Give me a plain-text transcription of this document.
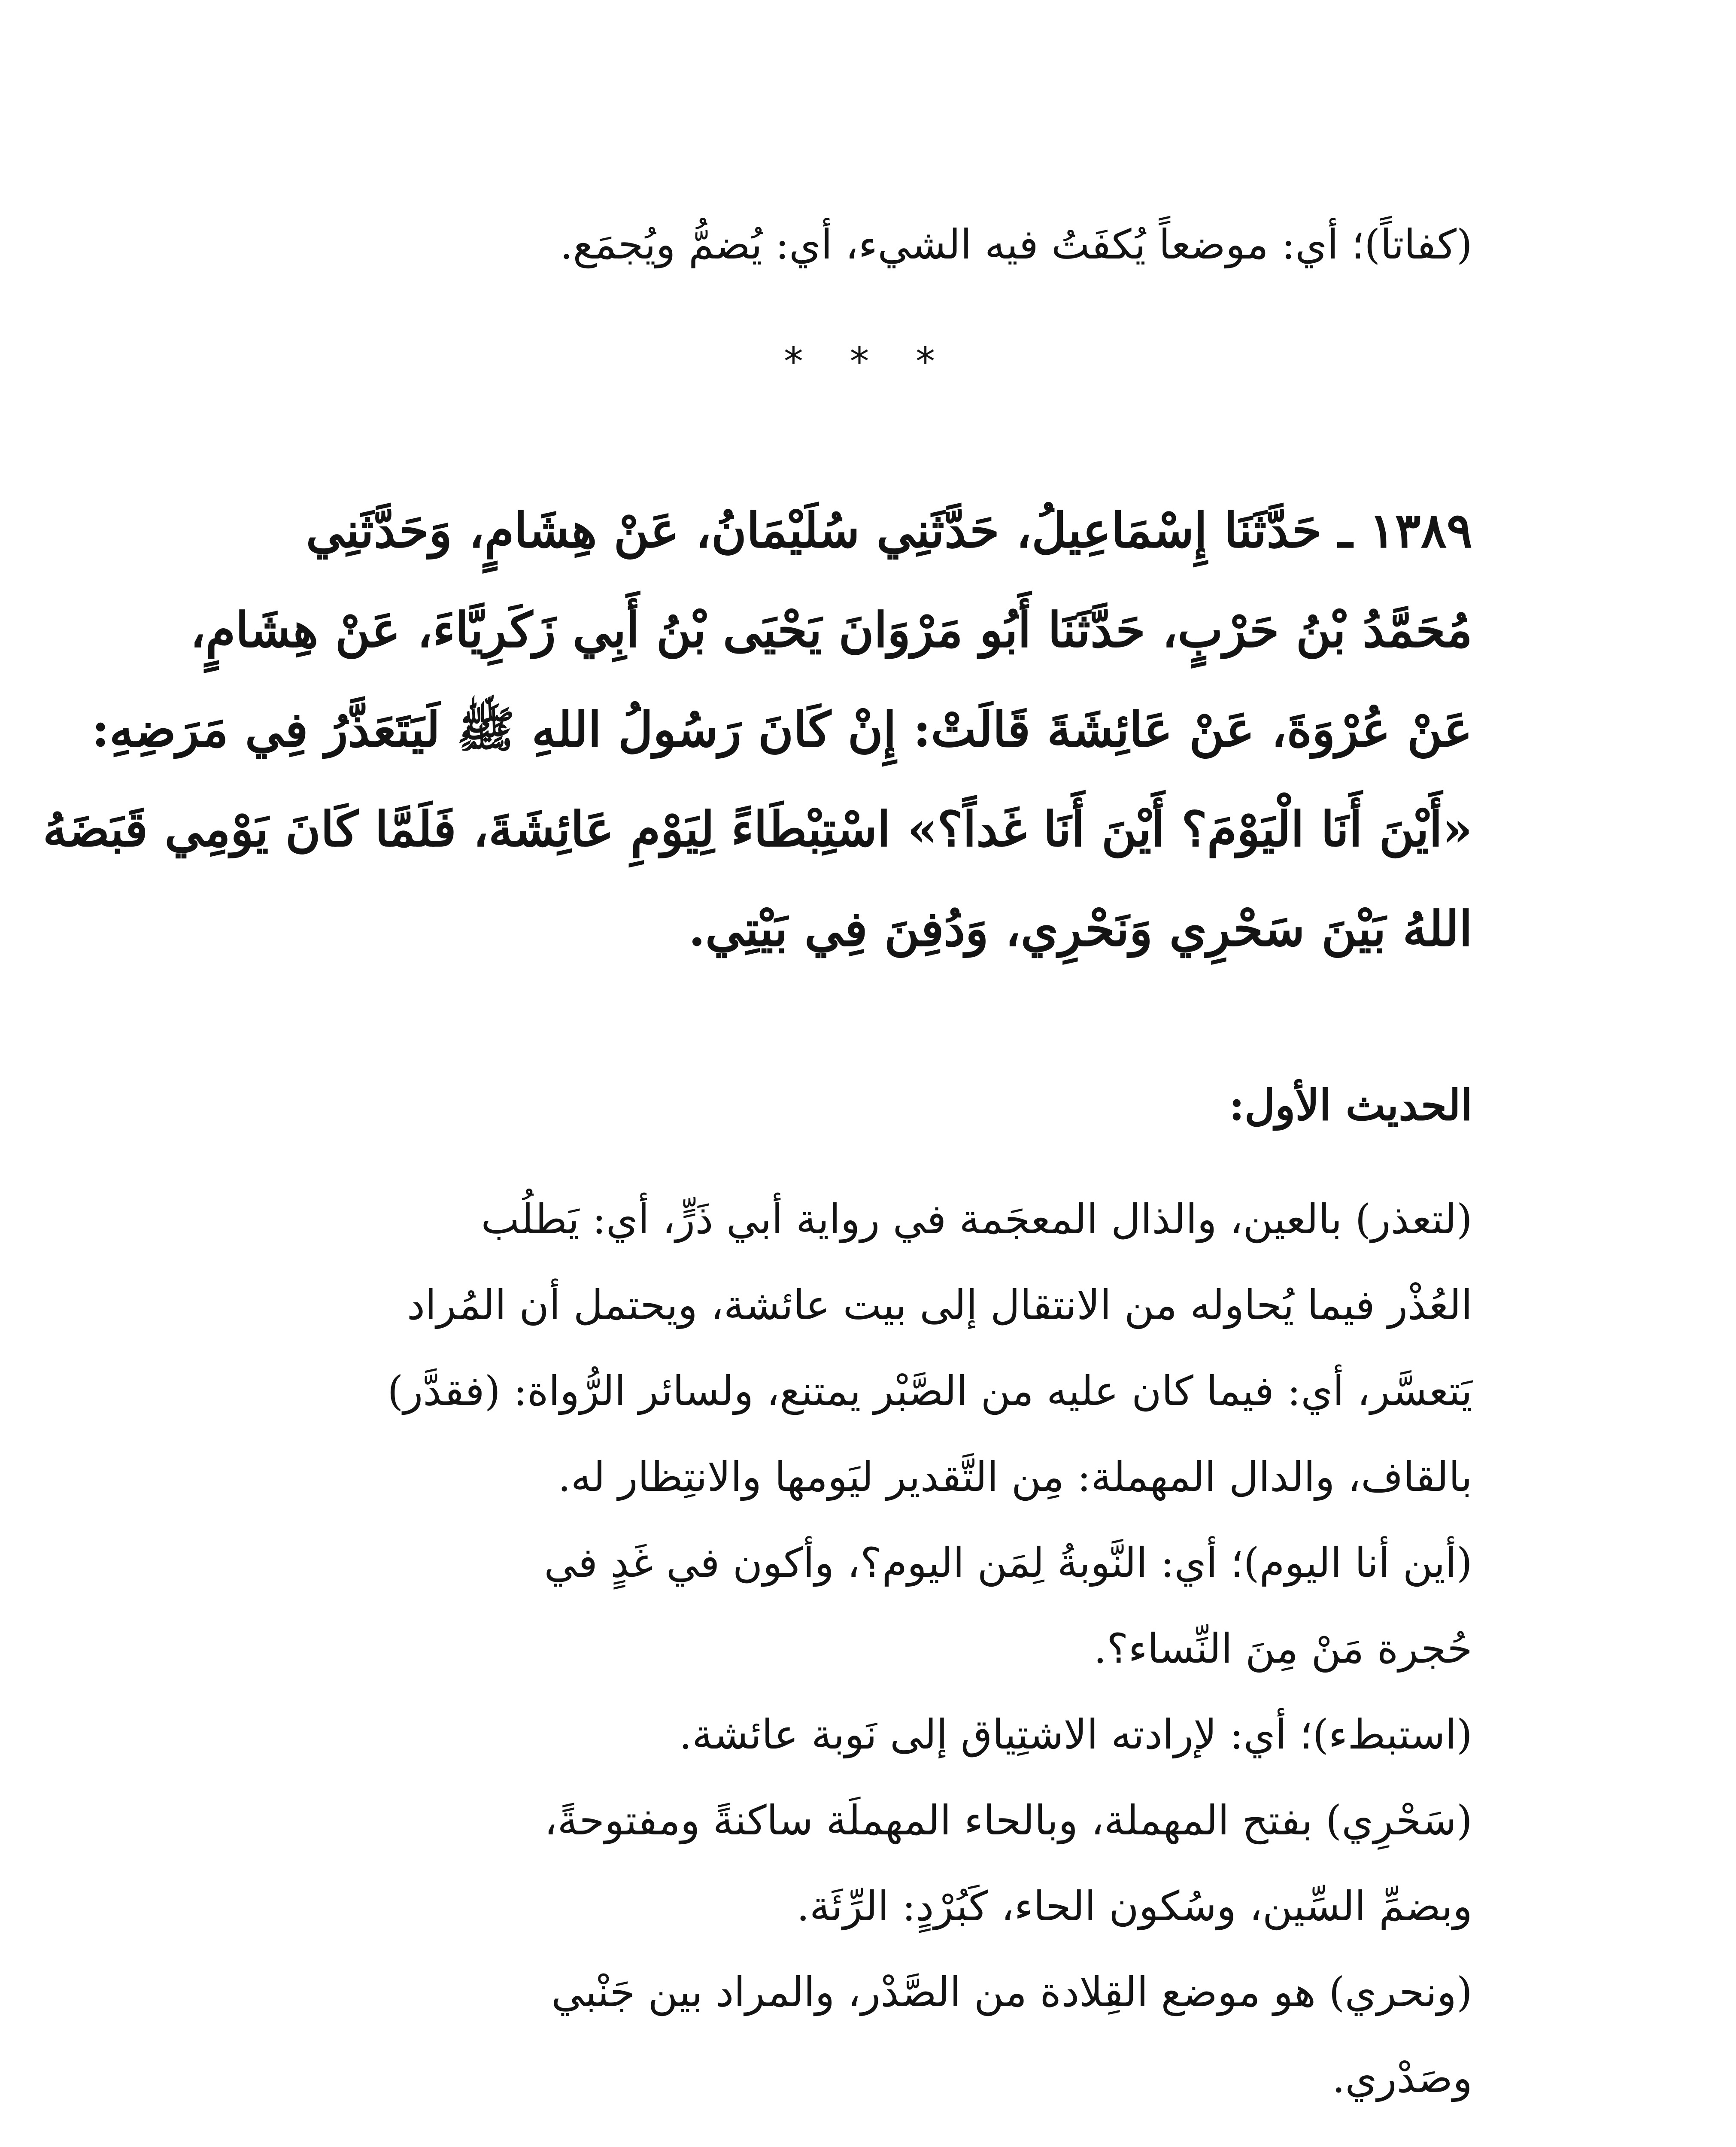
(كفاتاً)؛ أي: موضعاً يُكفَتُ فيه الشيء، أي: يُضمُّ ويُجمَع.
* * *
١٣٨٩ ـ حَدَّثَنَا إِسْمَاعِيلُ، حَدَّثَنِي سُلَيْمَانُ، عَنْ هِشَامٍ، وَحَدَّثَنِي
مُحَمَّدُ بْنُ حَرْبٍ، حَدَّثَنَا أَبُو مَرْوَانَ يَحْيَى بْنُ أَبِي زَكَرِيَّاءَ، عَنْ هِشَامٍ،
عَنْ عُرْوَةَ، عَنْ عَائِشَةَ قَالَتْ: إِنْ كَانَ رَسُولُ اللهِ ﷺ لَيَتَعَذَّرُ فِي مَرَضِهِ:
«أَيْنَ أَنَا الْيَوْمَ؟ أَيْنَ أَنَا غَداً؟» اسْتِبْطَاءً لِيَوْمِ عَائِشَةَ، فَلَمَّا كَانَ يَوْمِي قَبَضَهُ
اللهُ بَيْنَ سَحْرِي وَنَحْرِي، وَدُفِنَ فِي بَيْتِي.
الحديث الأول:
(لتعذر) بالعين، والذال المعجَمة في رواية أبي ذَرٍّ، أي: يَطلُب
العُذْر فيما يُحاوله من الانتقال إلى بيت عائشة، ويحتمل أن المُراد
يَتعسَّر، أي: فيما كان عليه من الصَّبْر يمتنع، ولسائر الرُّواة: (فقدَّر)
بالقاف، والدال المهملة: مِن التَّقدير ليَومها والانتِظار له.
(أين أنا اليوم)؛ أي: النَّوبةُ لِمَن اليوم؟، وأكون في غَدٍ في
حُجرة مَنْ مِنَ النِّساء؟.
(استبطء)؛ أي: لإرادته الاشتِياق إلى نَوبة عائشة.
(سَحْرِي) بفتح المهملة، وبالحاء المهملَة ساكنةً ومفتوحةً،
وبضمِّ السِّين، وسُكون الحاء، كَبُرْدٍ: الرِّئَة.
(ونحري) هو موضع القِلادة من الصَّدْر، والمراد بين جَنْبي
وصَدْري.
